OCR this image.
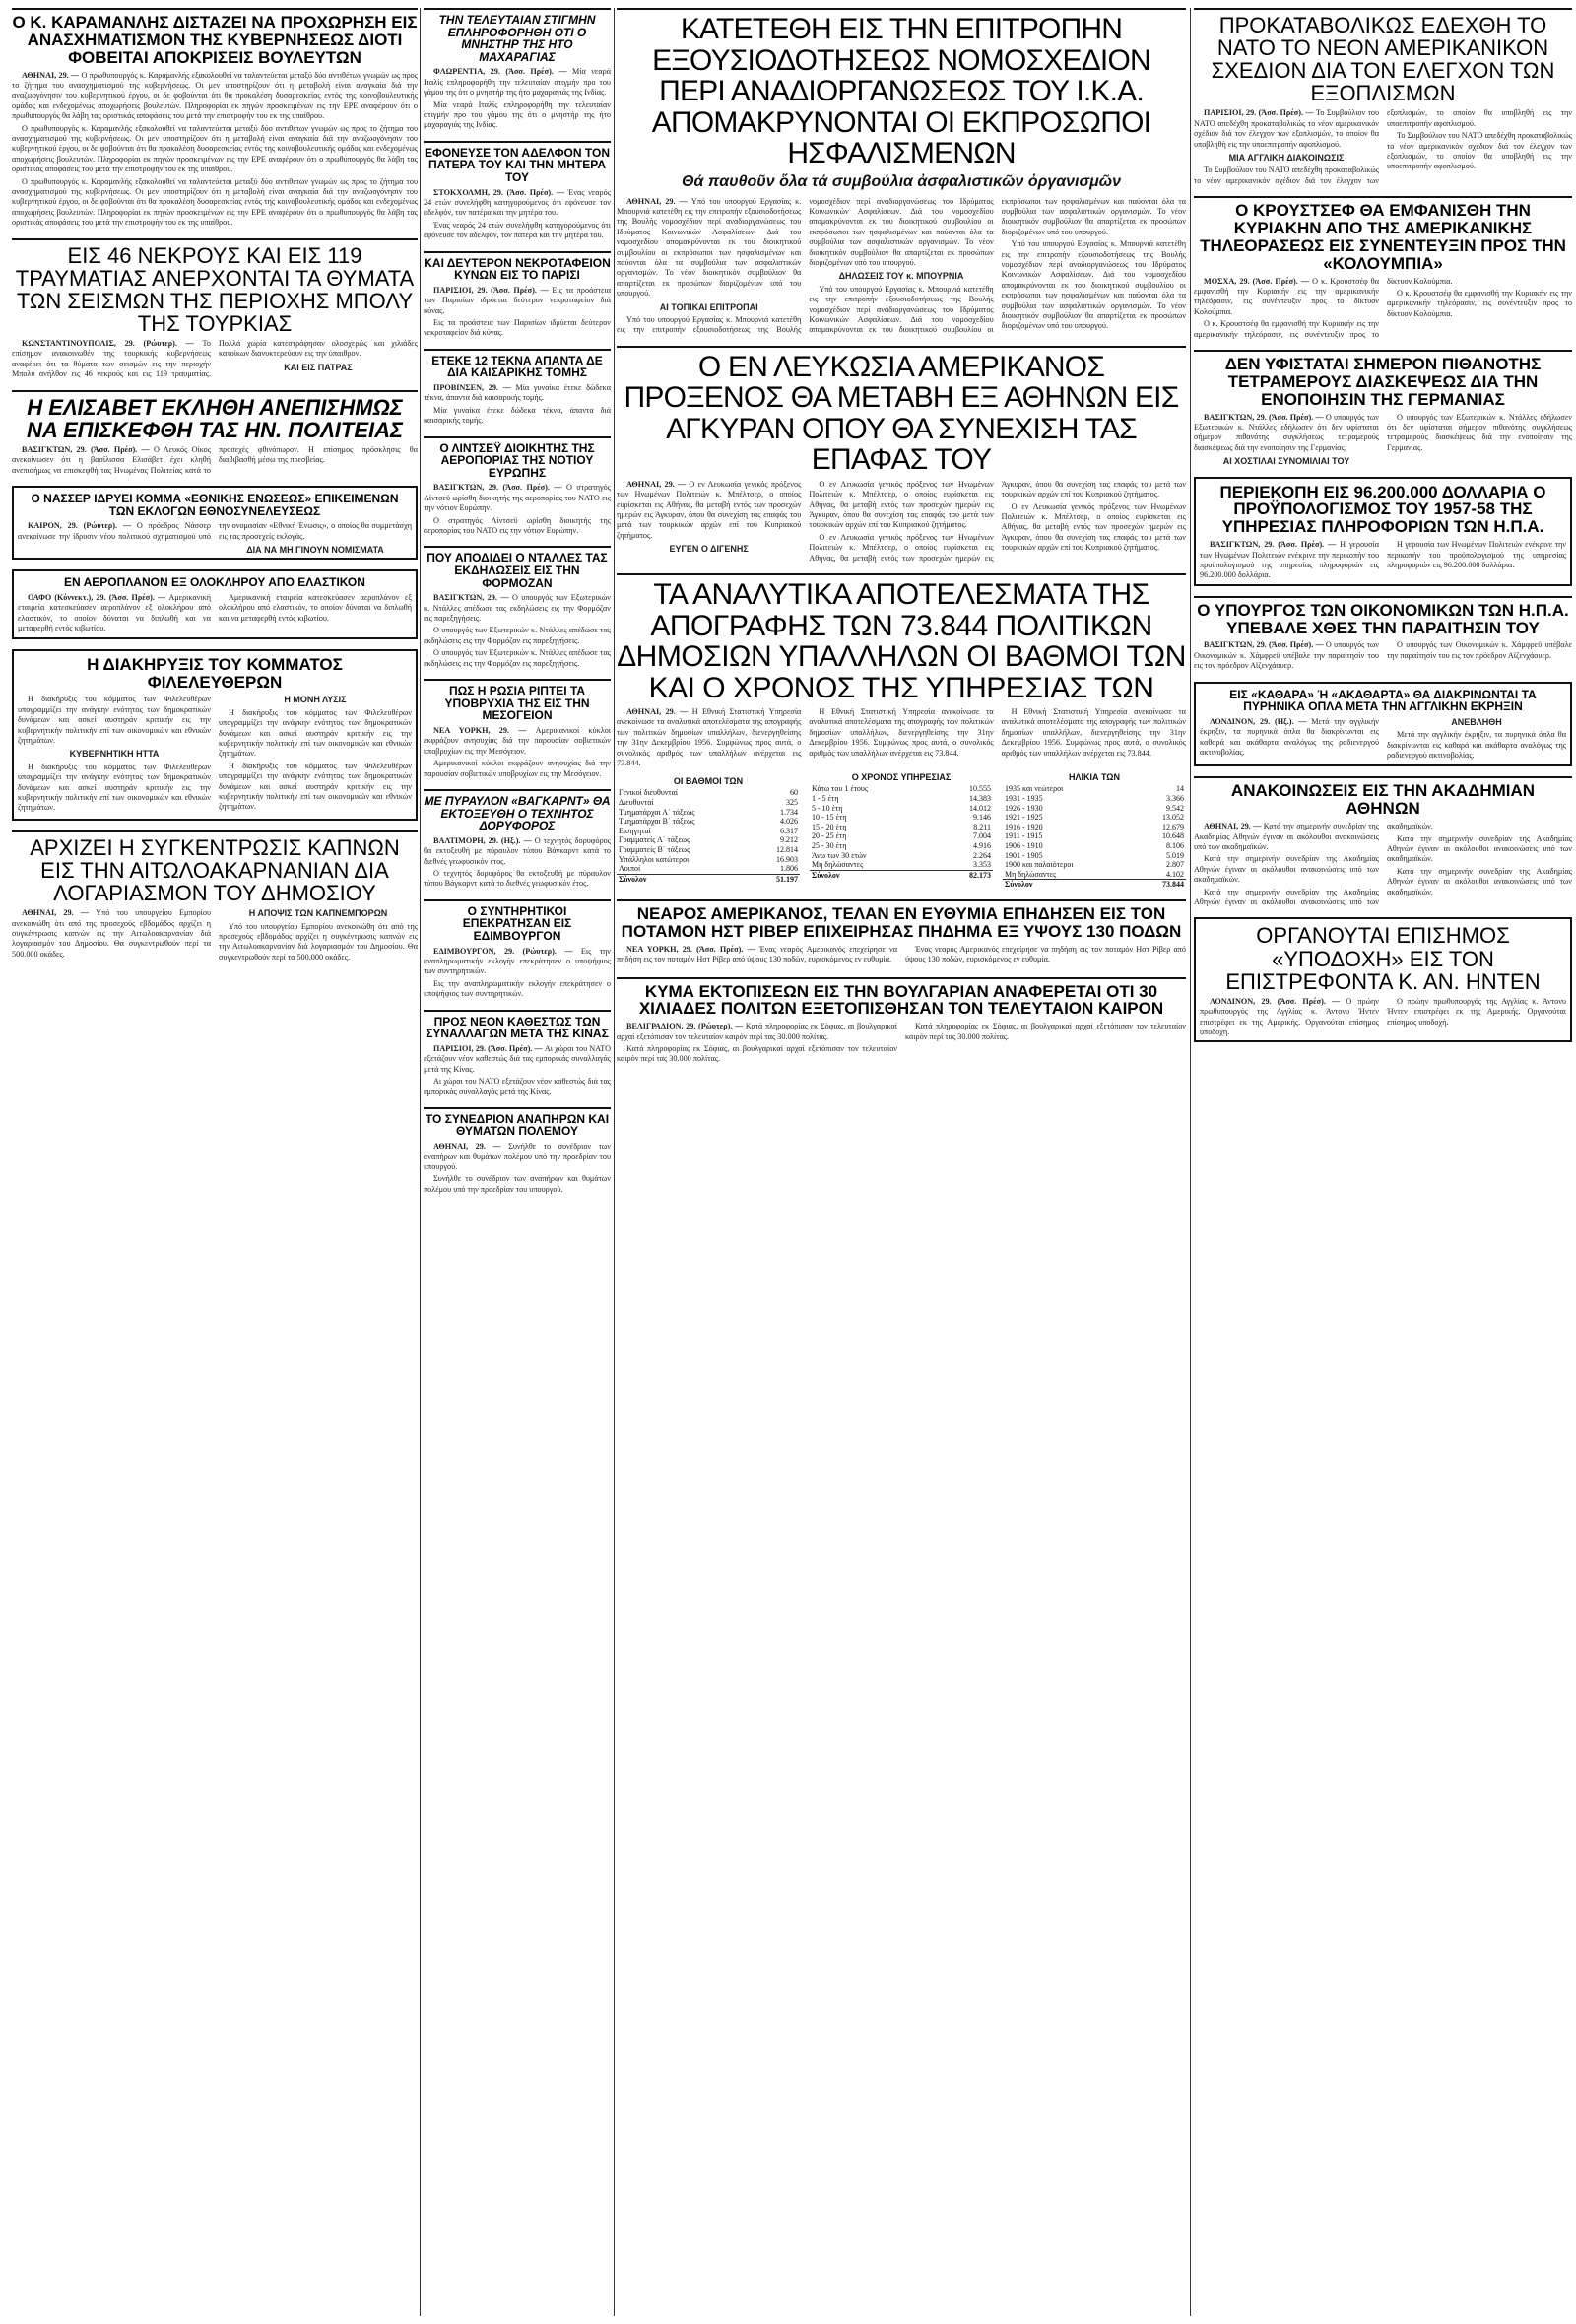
Ο Κ. ΚΑΡΑΜΑΝΛΗΣ ΔΙΣΤΑΖΕΙ ΝΑ ΠΡΟΧΩΡΗΣΗ ΕΙΣ ΑΝΑΣΧΗΜΑΤΙΣΜΟΝ ΤΗΣ ΚΥΒΕΡΝΗΣΕΩΣ ΔΙΟΤΙ ΦΟΒΕΙΤΑΙ ΑΠΟΚΡΙΣΕΙΣ ΒΟΥΛΕΥΤΩΝ

ΑΘΗΝΑΙ, 29. — Ο πρωθυπουργός κ. Καραμανλής εξακολουθεί να ταλαντεύεται μεταξύ δύο αντιθέτων γνωμών ως προς το ζήτημα του ανασχηματισμού της κυβερνήσεως. Οι μεν υποστηρίζουν ότι η μεταβολή είναι αναγκαία διά την αναζωογόνησιν του κυβερνητικού έργου, οι δε φοβούνται ότι θα προκαλέση δυσαρεσκείας εντός της κοινοβουλευτικής ομάδος και ενδεχομένως αποχωρήσεις βουλευτών. Πληροφορίαι εκ πηγών προσκειμένων εις την ΕΡΕ αναφέρουν ότι ο πρωθυπουργός θα λάβη τας οριστικάς αποφάσεις του μετά την επιστροφήν του εκ της υπαίθρου.

Ο πρωθυπουργός κ. Καραμανλής εξακολουθεί να ταλαντεύεται μεταξύ δύο αντιθέτων γνωμών ως προς το ζήτημα του ανασχηματισμού της κυβερνήσεως. Οι μεν υποστηρίζουν ότι η μεταβολή είναι αναγκαία διά την αναζωογόνησιν του κυβερνητικού έργου, οι δε φοβούνται ότι θα προκαλέση δυσαρεσκείας εντός της κοινοβουλευτικής ομάδος και ενδεχομένως αποχωρήσεις βουλευτών. Πληροφορίαι εκ πηγών προσκειμένων εις την ΕΡΕ αναφέρουν ότι ο πρωθυπουργός θα λάβη τας οριστικάς αποφάσεις του μετά την επιστροφήν του εκ της υπαίθρου.

Ο πρωθυπουργός κ. Καραμανλής εξακολουθεί να ταλαντεύεται μεταξύ δύο αντιθέτων γνωμών ως προς το ζήτημα του ανασχηματισμού της κυβερνήσεως. Οι μεν υποστηρίζουν ότι η μεταβολή είναι αναγκαία διά την αναζωογόνησιν του κυβερνητικού έργου, οι δε φοβούνται ότι θα προκαλέση δυσαρεσκείας εντός της κοινοβουλευτικής ομάδος και ενδεχομένως αποχωρήσεις βουλευτών. Πληροφορίαι εκ πηγών προσκειμένων εις την ΕΡΕ αναφέρουν ότι ο πρωθυπουργός θα λάβη τας οριστικάς αποφάσεις του μετά την επιστροφήν του εκ της υπαίθρου.

ΕΙΣ 46 ΝΕΚΡΟΥΣ ΚΑΙ ΕΙΣ 119 ΤΡΑΥΜΑΤΙΑΣ ΑΝΕΡΧΟΝΤΑΙ ΤΑ ΘΥΜΑΤΑ ΤΩΝ ΣΕΙΣΜΩΝ ΤΗΣ ΠΕΡΙΟΧΗΣ ΜΠΟΛΥ ΤΗΣ ΤΟΥΡΚΙΑΣ

ΚΩΝΣΤΑΝΤΙΝΟΥΠΟΛΙΣ, 29. (Ρώυτερ). — Το επίσημον ανακοινωθέν της τουρκικής κυβερνήσεως αναφέρει ότι τα θύματα των σεισμών εις την περιοχήν Μπολύ ανήλθον εις 46 νεκρούς και εις 119 τραυματίας. Πολλά χωρία κατεστράφησαν ολοσχερώς και χιλιάδες κατοίκων διανυκτερεύουν εις την ύπαιθρον.

ΚΑΙ ΕΙΣ ΠΑΤΡΑΣ
Η ΕΛΙΣΑΒΕΤ ΕΚΛΗΘΗ ΑΝΕΠΙΣΗΜΩΣ ΝΑ ΕΠΙΣΚΕΦΘΗ ΤΑΣ ΗΝ. ΠΟΛΙΤΕΙΑΣ

ΒΑΣΙΓΚΤΩΝ, 29. (Άσσ. Πρέσ). — Ο Λευκός Οίκος ανεκοίνωσεν ότι η βασίλισσα Ελισάβετ έχει κληθή ανεπισήμως να επισκεφθή τας Ηνωμένας Πολιτείας κατά το προσεχές φθινόπωρον. Η επίσημος πρόσκλησις θα διαβιβασθή μέσω της πρεσβείας.

Ο ΝΑΣΣΕΡ ΙΔΡΥΕΙ ΚΟΜΜΑ «ΕΘΝΙΚΗΣ ΕΝΩΣΕΩΣ» ΕΠΙΚΕΙΜΕΝΩΝ ΤΩΝ ΕΚΛΟΓΩΝ ΕΘΝΟΣΥΝΕΛΕΥΣΕΩΣ

ΚΑΙΡΟΝ, 29. (Ρώυτερ). — Ο πρόεδρος Νάσσερ ανεκοίνωσε την ίδρυσιν νέου πολιτικού σχηματισμού υπό την ονομασίαν «Εθνική Ένωσις», ο οποίος θα συμμετάσχη εις τας προσεχείς εκλογάς.

ΔΙΑ ΝΑ ΜΗ ΓΙΝΟΥΝ ΝΟΜΙΣΜΑΤΑ
ΕΝ ΑΕΡΟΠΛΑΝΟΝ ΕΞ ΟΛΟΚΛΗΡΟΥ ΑΠΟ ΕΛΑΣΤΙΚΟΝ

ΟΑΦΟ (Κόννεκτ.), 29. (Άσσ. Πρέσ). — Αμερικανική εταιρεία κατεσκεύασεν αεροπλάνον εξ ολοκλήρου από ελαστικόν, το οποίον δύναται να διπλωθή και να μεταφερθή εντός κιβωτίου.

Αμερικανική εταιρεία κατεσκεύασεν αεροπλάνον εξ ολοκλήρου από ελαστικόν, το οποίον δύναται να διπλωθή και να μεταφερθή εντός κιβωτίου.

Η ΔΙΑΚΗΡΥΞΙΣ ΤΟΥ ΚΟΜΜΑΤΟΣ ΦΙΛΕΛΕΥΘΕΡΩΝ

Η διακήρυξις του κόμματος των Φιλελευθέρων υπογραμμίζει την ανάγκην ενότητος των δημοκρατικών δυνάμεων και ασκεί αυστηράν κριτικήν εις την κυβερνητικήν πολιτικήν επί των οικονομικών και εθνικών ζητημάτων.

ΚΥΒΕΡΝΗΤΙΚΗ ΗΤΤΑ

Η διακήρυξις του κόμματος των Φιλελευθέρων υπογραμμίζει την ανάγκην ενότητος των δημοκρατικών δυνάμεων και ασκεί αυστηράν κριτικήν εις την κυβερνητικήν πολιτικήν επί των οικονομικών και εθνικών ζητημάτων.

Η ΜΟΝΗ ΛΥΣΙΣ

Η διακήρυξις του κόμματος των Φιλελευθέρων υπογραμμίζει την ανάγκην ενότητος των δημοκρατικών δυνάμεων και ασκεί αυστηράν κριτικήν εις την κυβερνητικήν πολιτικήν επί των οικονομικών και εθνικών ζητημάτων.

Η διακήρυξις του κόμματος των Φιλελευθέρων υπογραμμίζει την ανάγκην ενότητος των δημοκρατικών δυνάμεων και ασκεί αυστηράν κριτικήν εις την κυβερνητικήν πολιτικήν επί των οικονομικών και εθνικών ζητημάτων.

ΑΡΧΙΖΕΙ Η ΣΥΓΚΕΝΤΡΩΣΙΣ ΚΑΠΝΩΝ ΕΙΣ ΤΗΝ ΑΙΤΩΛΟΑΚΑΡΝΑΝΙΑΝ ΔΙΑ ΛΟΓΑΡΙΑΣΜΟΝ ΤΟΥ ΔΗΜΟΣΙΟΥ

ΑΘΗΝΑΙ, 29. — Υπό του υπουργείου Εμπορίου ανεκοινώθη ότι από της προσεχούς εβδομάδος αρχίζει η συγκέντρωσις καπνών εις την Αιτωλοακαρνανίαν διά λογαριασμόν του Δημοσίου. Θα συγκεντρωθούν περί τα 500.000 οκάδες.

Η ΑΠΟΨΙΣ ΤΩΝ ΚΑΠΝΕΜΠΟΡΩΝ

Υπό του υπουργείου Εμπορίου ανεκοινώθη ότι από της προσεχούς εβδομάδος αρχίζει η συγκέντρωσις καπνών εις την Αιτωλοακαρνανίαν διά λογαριασμόν του Δημοσίου. Θα συγκεντρωθούν περί τα 500.000 οκάδες.

ΤΗΝ ΤΕΛΕΥΤΑΙΑΝ ΣΤΙΓΜΗΝ ΕΠΛΗΡΟΦΟΡΗΘΗ ΟΤΙ Ο ΜΝΗΣΤΗΡ ΤΗΣ ΗΤΟ ΜΑΧΑΡΑΓΙΑΣ

ΦΛΩΡΕΝΤΙΑ, 29. (Άσσ. Πρέσ). — Μία νεαρά Ιταλίς επληροφορήθη την τελευταίαν στιγμήν προ του γάμου της ότι ο μνηστήρ της ήτο μαχαραγιάς της Ινδίας.

Μία νεαρά Ιταλίς επληροφορήθη την τελευταίαν στιγμήν προ του γάμου της ότι ο μνηστήρ της ήτο μαχαραγιάς της Ινδίας.

ΕΦΟΝΕΥΣΕ ΤΟΝ ΑΔΕΛΦΟΝ ΤΟΝ ΠΑΤΕΡΑ ΤΟΥ ΚΑΙ ΤΗΝ ΜΗΤΕΡΑ ΤΟΥ

ΣΤΟΚΧΟΛΜΗ, 29. (Άσσ. Πρέσ). — Ένας νεαρός 24 ετών συνελήφθη κατηγορούμενος ότι εφόνευσε τον αδελφόν, τον πατέρα και την μητέρα του.

Ένας νεαρός 24 ετών συνελήφθη κατηγορούμενος ότι εφόνευσε τον αδελφόν, τον πατέρα και την μητέρα του.

ΚΑΙ ΔΕΥΤΕΡΟΝ ΝΕΚΡΟΤΑΦΕΙΟΝ ΚΥΝΩΝ ΕΙΣ ΤΟ ΠΑΡΙΣΙ

ΠΑΡΙΣΙΟΙ, 29. (Άσσ. Πρέσ). — Εις τα προάστεια των Παρισίων ιδρύεται δεύτερον νεκροταφείον διά κύνας.

Εις τα προάστεια των Παρισίων ιδρύεται δεύτερον νεκροταφείον διά κύνας.

ΕΤΕΚΕ 12 ΤΕΚΝΑ ΑΠΑΝΤΑ ΔΕ ΔΙΑ ΚΑΙΣΑΡΙΚΗΣ ΤΟΜΗΣ

ΠΡΟΒΙΝΣΕΝ, 29. — Μία γυναίκα έτεκε δώδεκα τέκνα, άπαντα διά καισαρικής τομής.

Μία γυναίκα έτεκε δώδεκα τέκνα, άπαντα διά καισαρικής τομής.

Ο ΛΙΝΤΣΕΫ ΔΙΟΙΚΗΤΗΣ ΤΗΣ ΑΕΡΟΠΟΡΙΑΣ ΤΗΣ ΝΟΤΙΟΥ ΕΥΡΩΠΗΣ

ΒΑΣΙΓΚΤΩΝ, 29. (Άσσ. Πρέσ). — Ο στρατηγός Λίντσεϋ ωρίσθη διοικητής της αεροπορίας του ΝΑΤΟ εις την νότιον Ευρώπην.

Ο στρατηγός Λίντσεϋ ωρίσθη διοικητής της αεροπορίας του ΝΑΤΟ εις την νότιον Ευρώπην.

ΠΟΥ ΑΠΟΔΙΔΕΙ Ο ΝΤΑΛΛΕΣ ΤΑΣ ΕΚΔΗΛΩΣΕΙΣ ΕΙΣ ΤΗΝ ΦΟΡΜΟΖΑΝ

ΒΑΣΙΓΚΤΩΝ, 29. — Ο υπουργός των Εξωτερικών κ. Ντάλλες απέδωσε τας εκδηλώσεις εις την Φορμόζαν εις παρεξηγήσεις.

Ο υπουργός των Εξωτερικών κ. Ντάλλες απέδωσε τας εκδηλώσεις εις την Φορμόζαν εις παρεξηγήσεις.

Ο υπουργός των Εξωτερικών κ. Ντάλλες απέδωσε τας εκδηλώσεις εις την Φορμόζαν εις παρεξηγήσεις.

ΠΩΣ Η ΡΩΣΙΑ ΡΙΠΤΕΙ ΤΑ ΥΠΟΒΡΥΧΙΑ ΤΗΣ ΕΙΣ ΤΗΝ ΜΕΣΟΓΕΙΟΝ

ΝΕΑ ΥΟΡΚΗ, 29. — Αμερικανικοί κύκλοι εκφράζουν ανησυχίας διά την παρουσίαν σοβιετικών υποβρυχίων εις την Μεσόγειον.

Αμερικανικοί κύκλοι εκφράζουν ανησυχίας διά την παρουσίαν σοβιετικών υποβρυχίων εις την Μεσόγειον.

ΜΕ ΠΥΡΑΥΛΟΝ «ΒΑΓΚΑΡΝΤ» ΘΑ ΕΚΤΟΞΕΥΘΗ Ο ΤΕΧΝΗΤΟΣ ΔΟΡΥΦΟΡΟΣ

ΒΑΛΤΙΜΟΡΗ, 29. (Ηξ.). — Ο τεχνητός δορυφόρος θα εκτοξευθή με πύραυλον τύπου Βάγκαρντ κατά το διεθνές γεωφυσικόν έτος.

Ο τεχνητός δορυφόρος θα εκτοξευθή με πύραυλον τύπου Βάγκαρντ κατά το διεθνές γεωφυσικόν έτος.

Ο ΣΥΝΤΗΡΗΤΙΚΟΙ ΕΠΕΚΡΑΤΗΣΑΝ ΕΙΣ ΕΔΙΜΒΟΥΡΓΟΝ

ΕΔΙΜΒΟΥΡΓΟΝ, 29. (Ρώυτερ). — Εις την αναπληρωματικήν εκλογήν επεκράτησεν ο υποψήφιος των συντηρητικών.

Εις την αναπληρωματικήν εκλογήν επεκράτησεν ο υποψήφιος των συντηρητικών.

ΠΡΟΣ ΝΕΟΝ ΚΑΘΕΣΤΩΣ ΤΩΝ ΣΥΝΑΛΛΑΓΩΝ ΜΕΤΑ ΤΗΣ ΚΙΝΑΣ

ΠΑΡΙΣΙΟΙ, 29. (Άσσ. Πρέσ). — Αι χώραι του ΝΑΤΟ εξετάζουν νέον καθεστώς διά τας εμπορικάς συναλλαγάς μετά της Κίνας.

Αι χώραι του ΝΑΤΟ εξετάζουν νέον καθεστώς διά τας εμπορικάς συναλλαγάς μετά της Κίνας.

ΤΟ ΣΥΝΕΔΡΙΟΝ ΑΝΑΠΗΡΩΝ ΚΑΙ ΘΥΜΑΤΩΝ ΠΟΛΕΜΟΥ

ΑΘΗΝΑΙ, 29. — Συνήλθε το συνέδριον των αναπήρων και θυμάτων πολέμου υπό την προεδρίαν του υπουργού.

Συνήλθε το συνέδριον των αναπήρων και θυμάτων πολέμου υπό την προεδρίαν του υπουργού.

ΚΑΤΕΤΕΘΗ ΕΙΣ ΤΗΝ ΕΠΙΤΡΟΠΗΝ ΕΞΟΥΣΙΟΔΟΤΗΣΕΩΣ ΝΟΜΟΣΧΕΔΙΟΝ ΠΕΡΙ ΑΝΑΔΙΟΡΓΑΝΩΣΕΩΣ ΤΟΥ Ι.Κ.Α. ΑΠΟΜΑΚΡΥΝΟΝΤΑΙ ΟΙ ΕΚΠΡΟΣΩΠΟΙ ΗΣΦΑΛΙΣΜΕΝΩΝ
Θά παυθοῦν ὅλα τά συμβούλια ἀσφαλιστικῶν ὀργανισμῶν

ΑΘΗΝΑΙ, 29. — Υπό του υπουργού Εργασίας κ. Μπουρνιά κατετέθη εις την επιτροπήν εξουσιοδοτήσεως της Βουλής νομοσχέδιον περί αναδιοργανώσεως του Ιδρύματος Κοινωνικών Ασφαλίσεων. Διά του νομοσχεδίου απομακρύνονται εκ του διοικητικού συμβουλίου οι εκπρόσωποι των ησφαλισμένων και παύονται όλα τα συμβούλια των ασφαλιστικών οργανισμών. Το νέον διοικητικόν συμβούλιον θα απαρτίζεται εκ προσώπων διοριζομένων υπό του υπουργού.

ΑΙ ΤΟΠΙΚΑΙ ΕΠΙΤΡΟΠΑΙ

Υπό του υπουργού Εργασίας κ. Μπουρνιά κατετέθη εις την επιτροπήν εξουσιοδοτήσεως της Βουλής νομοσχέδιον περί αναδιοργανώσεως του Ιδρύματος Κοινωνικών Ασφαλίσεων. Διά του νομοσχεδίου απομακρύνονται εκ του διοικητικού συμβουλίου οι εκπρόσωποι των ησφαλισμένων και παύονται όλα τα συμβούλια των ασφαλιστικών οργανισμών. Το νέον διοικητικόν συμβούλιον θα απαρτίζεται εκ προσώπων διοριζομένων υπό του υπουργού.

ΔΗΛΩΣΕΙΣ ΤΟΥ κ. ΜΠΟΥΡΝΙΑ

Υπό του υπουργού Εργασίας κ. Μπουρνιά κατετέθη εις την επιτροπήν εξουσιοδοτήσεως της Βουλής νομοσχέδιον περί αναδιοργανώσεως του Ιδρύματος Κοινωνικών Ασφαλίσεων. Διά του νομοσχεδίου απομακρύνονται εκ του διοικητικού συμβουλίου οι εκπρόσωποι των ησφαλισμένων και παύονται όλα τα συμβούλια των ασφαλιστικών οργανισμών. Το νέον διοικητικόν συμβούλιον θα απαρτίζεται εκ προσώπων διοριζομένων υπό του υπουργού.

Υπό του υπουργού Εργασίας κ. Μπουρνιά κατετέθη εις την επιτροπήν εξουσιοδοτήσεως της Βουλής νομοσχέδιον περί αναδιοργανώσεως του Ιδρύματος Κοινωνικών Ασφαλίσεων. Διά του νομοσχεδίου απομακρύνονται εκ του διοικητικού συμβουλίου οι εκπρόσωποι των ησφαλισμένων και παύονται όλα τα συμβούλια των ασφαλιστικών οργανισμών. Το νέον διοικητικόν συμβούλιον θα απαρτίζεται εκ προσώπων διοριζομένων υπό του υπουργού.

Ο ΕΝ ΛΕΥΚΩΣΙΑ ΑΜΕΡΙΚΑΝΟΣ ΠΡΟΞΕΝΟΣ ΘΑ ΜΕΤΑΒΗ ΕΞ ΑΘΗΝΩΝ ΕΙΣ ΑΓΚΥΡΑΝ ΟΠΟΥ ΘΑ ΣΥΝΕΧΙΣΗ ΤΑΣ ΕΠΑΦΑΣ ΤΟΥ

ΑΘΗΝΑΙ, 29. — Ο εν Λευκωσία γενικός πρόξενος των Ηνωμένων Πολιτειών κ. Μπέλτσερ, ο οποίος ευρίσκεται εις Αθήνας, θα μεταβή εντός των προσεχών ημερών εις Άγκυραν, όπου θα συνεχίση τας επαφάς του μετά των τουρκικών αρχών επί του Κυπριακού ζητήματος.

ΕΥΓΕΝ Ο ΔΙΓΕΝΗΣ

Ο εν Λευκωσία γενικός πρόξενος των Ηνωμένων Πολιτειών κ. Μπέλτσερ, ο οποίος ευρίσκεται εις Αθήνας, θα μεταβή εντός των προσεχών ημερών εις Άγκυραν, όπου θα συνεχίση τας επαφάς του μετά των τουρκικών αρχών επί του Κυπριακού ζητήματος.

Ο εν Λευκωσία γενικός πρόξενος των Ηνωμένων Πολιτειών κ. Μπέλτσερ, ο οποίος ευρίσκεται εις Αθήνας, θα μεταβή εντός των προσεχών ημερών εις Άγκυραν, όπου θα συνεχίση τας επαφάς του μετά των τουρκικών αρχών επί του Κυπριακού ζητήματος.

Ο εν Λευκωσία γενικός πρόξενος των Ηνωμένων Πολιτειών κ. Μπέλτσερ, ο οποίος ευρίσκεται εις Αθήνας, θα μεταβή εντός των προσεχών ημερών εις Άγκυραν, όπου θα συνεχίση τας επαφάς του μετά των τουρκικών αρχών επί του Κυπριακού ζητήματος.

ΤΑ ΑΝΑΛΥΤΙΚΑ ΑΠΟΤΕΛΕΣΜΑΤΑ ΤΗΣ ΑΠΟΓΡΑΦΗΣ ΤΩΝ 73.844 ΠΟΛΙΤΙΚΩΝ ΔΗΜΟΣΙΩΝ ΥΠΑΛΛΗΛΩΝ ΟΙ ΒΑΘΜΟΙ ΤΩΝ ΚΑΙ Ο ΧΡΟΝΟΣ ΤΗΣ ΥΠΗΡΕΣΙΑΣ ΤΩΝ

ΑΘΗΝΑΙ, 29. — Η Εθνική Στατιστική Υπηρεσία ανεκοίνωσε τα αναλυτικά αποτελέσματα της απογραφής των πολιτικών δημοσίων υπαλλήλων, διενεργηθείσης την 31ην Δεκεμβρίου 1956. Συμφώνως προς αυτά, ο συνολικός αριθμός των υπαλλήλων ανέρχεται εις 73.844.

Η Εθνική Στατιστική Υπηρεσία ανεκοίνωσε τα αναλυτικά αποτελέσματα της απογραφής των πολιτικών δημοσίων υπαλλήλων, διενεργηθείσης την 31ην Δεκεμβρίου 1956. Συμφώνως προς αυτά, ο συνολικός αριθμός των υπαλλήλων ανέρχεται εις 73.844.

Η Εθνική Στατιστική Υπηρεσία ανεκοίνωσε τα αναλυτικά αποτελέσματα της απογραφής των πολιτικών δημοσίων υπαλλήλων, διενεργηθείσης την 31ην Δεκεμβρίου 1956. Συμφώνως προς αυτά, ο συνολικός αριθμός των υπαλλήλων ανέρχεται εις 73.844.

ΟΙ ΒΑΘΜΟΙ ΤΩΝ
Γενικοί διευθυνταί	60
Διευθυνταί	325
Τμηματάρχαι Α΄ τάξεως	1.734
Τμηματάρχαι Β΄ τάξεως	4.026
Εισηγηταί	6.317
Γραμματείς Α΄ τάξεως	9.212
Γραμματείς Β΄ τάξεως	12.814
Υπάλληλοι κατώτεροι	16.903
Λοιποί	1.806
Σύνολον	51.197
Ο ΧΡΟΝΟΣ ΥΠΗΡΕΣΙΑΣ
Κάτω του 1 έτους	10.555
1 - 5 έτη	14.383
5 - 10 έτη	14.012
10 - 15 έτη	9.146
15 - 20 έτη	8.211
20 - 25 έτη	7.004
25 - 30 έτη	4.916
Άνω των 30 ετών	2.264
Μη δηλώσαντες	3.353
Σύνολον	82.173
ΗΛΙΚΙΑ ΤΩΝ
1935 και νεώτεροι	14
1931 - 1935	3.366
1926 - 1930	9.542
1921 - 1925	13.052
1916 - 1920	12.679
1911 - 1915	10.648
1906 - 1910	8.106
1901 - 1905	5.019
1900 και παλαιότεροι	2.807
Μη δηλώσαντες	4.102
Σύνολον	73.844
ΝΕΑΡΟΣ ΑΜΕΡΙΚΑΝΟΣ, ΤΕΛΑΝ ΕΝ ΕΥΘΥΜΙΑ ΕΠΗΔΗΣΕΝ ΕΙΣ ΤΟΝ ΠΟΤΑΜΟΝ ΗΣΤ ΡΙΒΕΡ ΕΠΙΧΕΙΡΗΣΑΣ ΠΗΔΗΜΑ ΕΞ ΥΨΟΥΣ 130 ΠΟΔΩΝ

ΝΕΑ ΥΟΡΚΗ, 29. (Άσσ. Πρέσ). — Ένας νεαρός Αμερικανός επεχείρησε να πηδήση εις τον ποταμόν Ηστ Ρίβερ από ύψους 130 ποδών, ευρισκόμενος εν ευθυμία.

Ένας νεαρός Αμερικανός επεχείρησε να πηδήση εις τον ποταμόν Ηστ Ρίβερ από ύψους 130 ποδών, ευρισκόμενος εν ευθυμία.

ΚΥΜΑ ΕΚΤΟΠΙΣΕΩΝ ΕΙΣ ΤΗΝ ΒΟΥΛΓΑΡΙΑΝ ΑΝΑΦΕΡΕΤΑΙ ΟΤΙ 30 ΧΙΛΙΑΔΕΣ ΠΟΛΙΤΩΝ ΕΞΕΤΟΠΙΣΘΗΣΑΝ ΤΟΝ ΤΕΛΕΥΤΑΙΟΝ ΚΑΙΡΟΝ

ΒΕΛΙΓΡΑΔΙΟΝ, 29. (Ρώυτερ). — Κατά πληροφορίας εκ Σόφιας, αι βουλγαρικαί αρχαί εξετόπισαν τον τελευταίον καιρόν περί τας 30.000 πολίτας.

Κατά πληροφορίας εκ Σόφιας, αι βουλγαρικαί αρχαί εξετόπισαν τον τελευταίον καιρόν περί τας 30.000 πολίτας.

Κατά πληροφορίας εκ Σόφιας, αι βουλγαρικαί αρχαί εξετόπισαν τον τελευταίον καιρόν περί τας 30.000 πολίτας.

ΠΡΟΚΑΤΑΒΟΛΙΚΩΣ ΕΔΕΧΘΗ ΤΟ ΝΑΤΟ ΤΟ ΝΕΟΝ ΑΜΕΡΙΚΑΝΙΚΟΝ ΣΧΕΔΙΟΝ ΔΙΑ ΤΟΝ ΕΛΕΓΧΟΝ ΤΩΝ ΕΞΟΠΛΙΣΜΩΝ

ΠΑΡΙΣΙΟΙ, 29. (Άσσ. Πρέσ). — Το Συμβούλιον του ΝΑΤΟ απεδέχθη προκαταβολικώς το νέον αμερικανικόν σχέδιον διά τον έλεγχον των εξοπλισμών, το οποίον θα υποβληθή εις την υποεπιτροπήν αφοπλισμού.

ΜΙΑ ΑΓΓΛΙΚΗ ΔΙΑΚΟΙΝΩΣΙΣ

Το Συμβούλιον του ΝΑΤΟ απεδέχθη προκαταβολικώς το νέον αμερικανικόν σχέδιον διά τον έλεγχον των εξοπλισμών, το οποίον θα υποβληθή εις την υποεπιτροπήν αφοπλισμού.

Το Συμβούλιον του ΝΑΤΟ απεδέχθη προκαταβολικώς το νέον αμερικανικόν σχέδιον διά τον έλεγχον των εξοπλισμών, το οποίον θα υποβληθή εις την υποεπιτροπήν αφοπλισμού.

Ο ΚΡΟΥΣΤΣΕΦ ΘΑ ΕΜΦΑΝΙΣΘΗ ΤΗΝ ΚΥΡΙΑΚΗΝ ΑΠΟ ΤΗΣ ΑΜΕΡΙΚΑΝΙΚΗΣ ΤΗΛΕΟΡΑΣΕΩΣ ΕΙΣ ΣΥΝΕΝΤΕΥΞΙΝ ΠΡΟΣ ΤΗΝ «ΚΟΛΟΥΜΠΙΑ»

ΜΟΣΧΑ, 29. (Άσσ. Πρέσ). — Ο κ. Κρουστσέφ θα εμφανισθή την Κυριακήν εις την αμερικανικήν τηλεόρασιν, εις συνέντευξιν προς το δίκτυον Κολούμπια.

Ο κ. Κρουστσέφ θα εμφανισθή την Κυριακήν εις την αμερικανικήν τηλεόρασιν, εις συνέντευξιν προς το δίκτυον Κολούμπια.

Ο κ. Κρουστσέφ θα εμφανισθή την Κυριακήν εις την αμερικανικήν τηλεόρασιν, εις συνέντευξιν προς το δίκτυον Κολούμπια.

ΔΕΝ ΥΦΙΣΤΑΤΑΙ ΣΗΜΕΡΟΝ ΠΙΘΑΝΟΤΗΣ ΤΕΤΡΑΜΕΡΟΥΣ ΔΙΑΣΚΕΨΕΩΣ ΔΙΑ ΤΗΝ ΕΝΟΠΟΙΗΣΙΝ ΤΗΣ ΓΕΡΜΑΝΙΑΣ

ΒΑΣΙΓΚΤΩΝ, 29. (Άσσ. Πρέσ). — Ο υπουργός των Εξωτερικών κ. Ντάλλες εδήλωσεν ότι δεν υφίσταται σήμερον πιθανότης συγκλήσεως τετραμερούς διασκέψεως διά την ενοποίησιν της Γερμανίας.

ΑΙ ΧΟΣΤΙΛΑΙ ΣΥΝΟΜΙΛΙΑΙ ΤΟΥ

Ο υπουργός των Εξωτερικών κ. Ντάλλες εδήλωσεν ότι δεν υφίσταται σήμερον πιθανότης συγκλήσεως τετραμερούς διασκέψεως διά την ενοποίησιν της Γερμανίας.

ΠΕΡΙΕΚΟΠΗ ΕΙΣ 96.200.000 ΔΟΛΛΑΡΙΑ Ο ΠΡΟΫΠΟΛΟΓΙΣΜΟΣ ΤΟΥ 1957-58 ΤΗΣ ΥΠΗΡΕΣΙΑΣ ΠΛΗΡΟΦΟΡΙΩΝ ΤΩΝ Η.Π.Α.

ΒΑΣΙΓΚΤΩΝ, 29. (Άσσ. Πρέσ). — Η γερουσία των Ηνωμένων Πολιτειών ενέκρινε την περικοπήν του προϋπολογισμού της υπηρεσίας πληροφοριών εις 96.200.000 δολλάρια.

Η γερουσία των Ηνωμένων Πολιτειών ενέκρινε την περικοπήν του προϋπολογισμού της υπηρεσίας πληροφοριών εις 96.200.000 δολλάρια.

Ο ΥΠΟΥΡΓΟΣ ΤΩΝ ΟΙΚΟΝΟΜΙΚΩΝ ΤΩΝ Η.Π.Α. ΥΠΕΒΑΛΕ ΧΘΕΣ ΤΗΝ ΠΑΡΑΙΤΗΣΙΝ ΤΟΥ

ΒΑΣΙΓΚΤΩΝ, 29. (Άσσ. Πρέσ). — Ο υπουργός των Οικονομικών κ. Χάμφρεϋ υπέβαλε την παραίτησίν του εις τον πρόεδρον Αϊζενχάουερ.

Ο υπουργός των Οικονομικών κ. Χάμφρεϋ υπέβαλε την παραίτησίν του εις τον πρόεδρον Αϊζενχάουερ.

ΕΙΣ «ΚΑΘΑΡΑ» Ή «ΑΚΑΘΑΡΤΑ» ΘΑ ΔΙΑΚΡΙΝΩΝΤΑΙ ΤΑ ΠΥΡΗΝΙΚΑ ΟΠΛΑ ΜΕΤΑ ΤΗΝ ΑΓΓΛΙΚΗΝ ΕΚΡΗΞΙΝ

ΛΟΝΔΙΝΟΝ, 29. (Ηξ.). — Μετά την αγγλικήν έκρηξιν, τα πυρηνικά όπλα θα διακρίνωνται εις καθαρά και ακάθαρτα αναλόγως της ραδιενεργού ακτινοβολίας.

ΑΝΕΒΛΗΘΗ

Μετά την αγγλικήν έκρηξιν, τα πυρηνικά όπλα θα διακρίνωνται εις καθαρά και ακάθαρτα αναλόγως της ραδιενεργού ακτινοβολίας.

ΑΝΑΚΟΙΝΩΣΕΙΣ ΕΙΣ ΤΗΝ ΑΚΑΔΗΜΙΑΝ ΑΘΗΝΩΝ

ΑΘΗΝΑΙ, 29. — Κατά την σημερινήν συνεδρίαν της Ακαδημίας Αθηνών έγιναν αι ακόλουθοι ανακοινώσεις υπό των ακαδημαϊκών.

Κατά την σημερινήν συνεδρίαν της Ακαδημίας Αθηνών έγιναν αι ακόλουθοι ανακοινώσεις υπό των ακαδημαϊκών.

Κατά την σημερινήν συνεδρίαν της Ακαδημίας Αθηνών έγιναν αι ακόλουθοι ανακοινώσεις υπό των ακαδημαϊκών.

Κατά την σημερινήν συνεδρίαν της Ακαδημίας Αθηνών έγιναν αι ακόλουθοι ανακοινώσεις υπό των ακαδημαϊκών.

Κατά την σημερινήν συνεδρίαν της Ακαδημίας Αθηνών έγιναν αι ακόλουθοι ανακοινώσεις υπό των ακαδημαϊκών.

ΟΡΓΑΝΟΥΤΑΙ ΕΠΙΣΗΜΟΣ «ΥΠΟΔΟΧΗ» ΕΙΣ ΤΟΝ ΕΠΙΣΤΡΕΦΟΝΤΑ Κ. ΑΝ. ΗΝΤΕΝ

ΛΟΝΔΙΝΟΝ, 29. (Άσσ. Πρέσ). — Ο πρώην πρωθυπουργός της Αγγλίας κ. Άντονυ Ήντεν επιστρέφει εκ της Αμερικής. Οργανούται επίσημος υποδοχή.

Ο πρώην πρωθυπουργός της Αγγλίας κ. Άντονυ Ήντεν επιστρέφει εκ της Αμερικής. Οργανούται επίσημος υποδοχή.
